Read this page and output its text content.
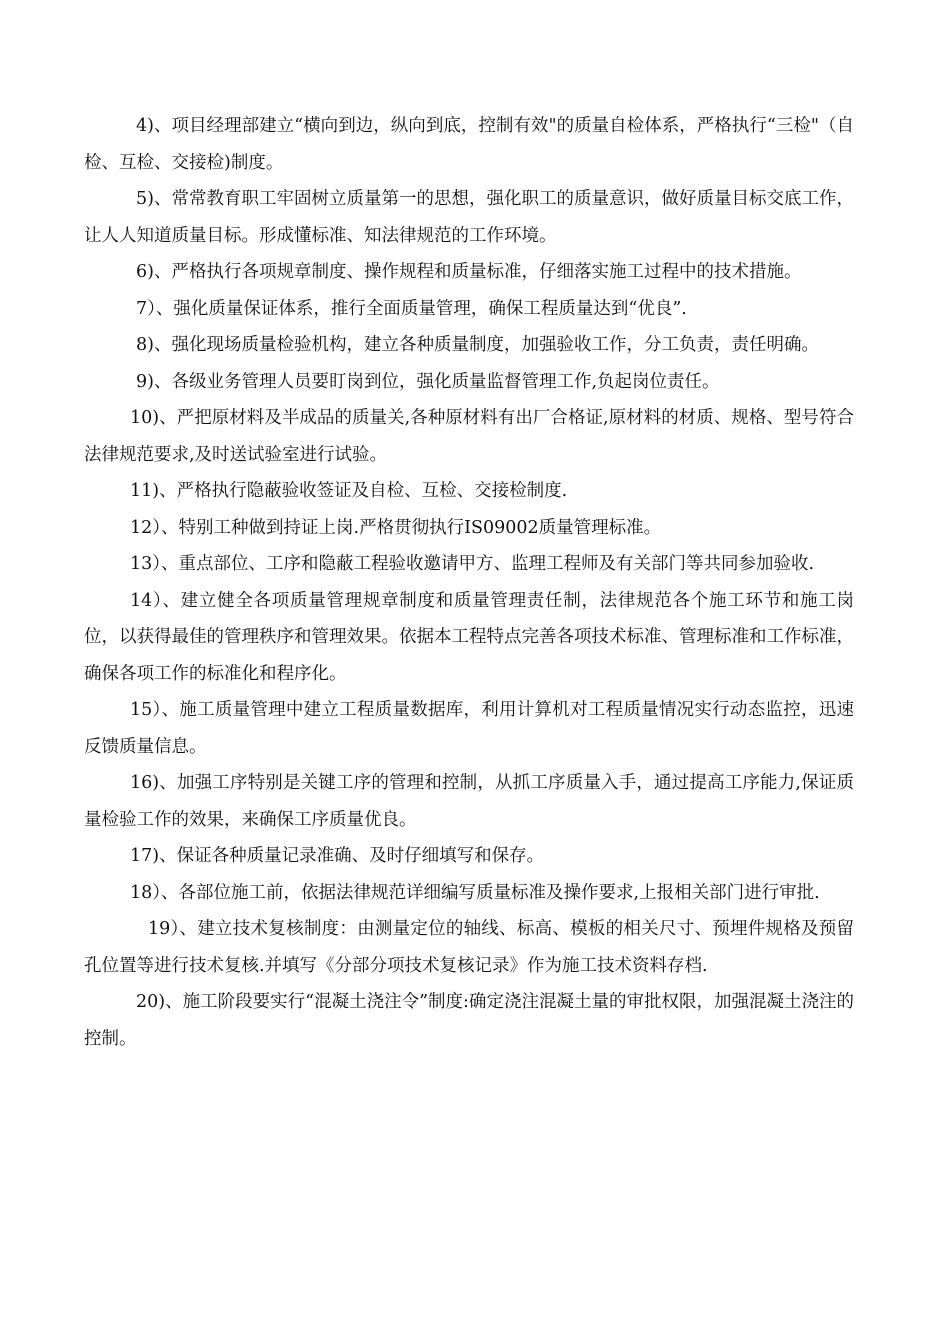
4)、项目经理部建立“横向到边，纵向到底，控制有效"的质量自检体系，严格执行“三检"（自检、互检、交接检)制度。

5)、常常教育职工牢固树立质量第一的思想，强化职工的质量意识，做好质量目标交底工作，让人人知道质量目标。形成懂标准、知法律规范的工作环境。

6)、严格执行各项规章制度、操作规程和质量标准，仔细落实施工过程中的技术措施。

7）、强化质量保证体系，推行全面质量管理，确保工程质量达到“优良”.

8)、强化现场质量检验机构，建立各种质量制度，加强验收工作，分工负责，责任明确。

9)、各级业务管理人员要盯岗到位，强化质量监督管理工作,负起岗位责任。

10)、严把原材料及半成品的质量关,各种原材料有出厂合格证,原材料的材质、规格、型号符合法律规范要求,及时送试验室进行试验。

11)、严格执行隐蔽验收签证及自检、互检、交接检制度.

12）、特别工种做到持证上岗.严格贯彻执行IS09002质量管理标准。

13）、重点部位、工序和隐蔽工程验收邀请甲方、监理工程师及有关部门等共同参加验收.

14）、建立健全各项质量管理规章制度和质量管理责任制，法律规范各个施工环节和施工岗位，以获得最佳的管理秩序和管理效果。依据本工程特点完善各项技术标准、管理标准和工作标准，确保各项工作的标准化和程序化。

15）、施工质量管理中建立工程质量数据库，利用计算机对工程质量情况实行动态监控，迅速反馈质量信息。

16)、加强工序特别是关键工序的管理和控制，从抓工序质量入手，通过提高工序能力,保证质量检验工作的效果，来确保工序质量优良。

17)、保证各种质量记录准确、及时仔细填写和保存。

18）、各部位施工前，依据法律规范详细编写质量标准及操作要求,上报相关部门进行审批.

19）、建立技术复核制度：由测量定位的轴线、标高、模板的相关尺寸、预埋件规格及预留孔位置等进行技术复核.并填写《分部分项技术复核记录》作为施工技术资料存档.

20)、施工阶段要实行“混凝土浇注令”制度:确定浇注混凝土量的审批权限，加强混凝土浇注的控制。
